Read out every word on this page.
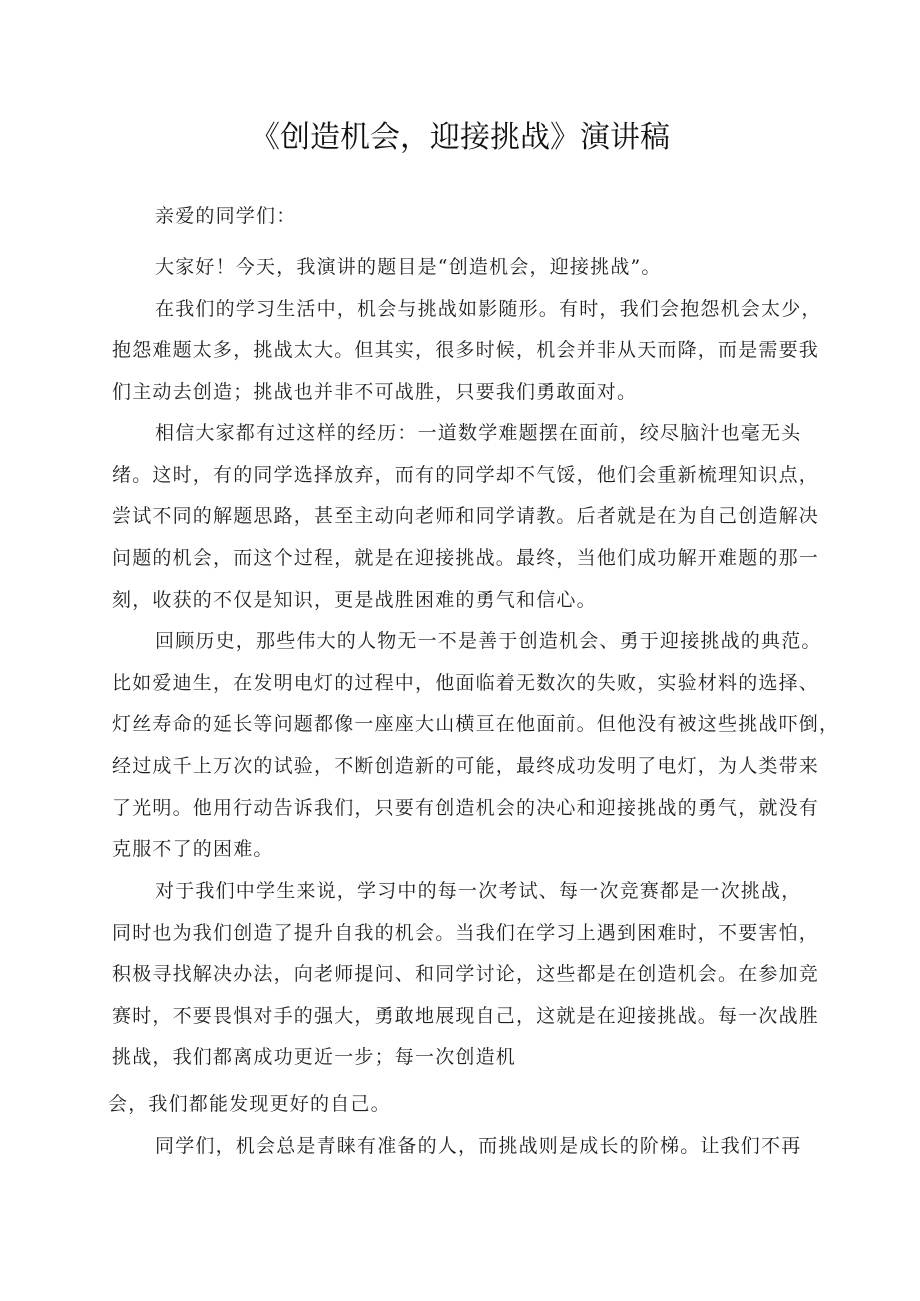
《创造机会，迎接挑战》演讲稿

亲爱的同学们：

大家好！今天，我演讲的题目是“创造机会，迎接挑战”。

在我们的学习生活中，机会与挑战如影随形。有时，我们会抱怨机会太少，

抱怨难题太多，挑战太大。但其实，很多时候，机会并非从天而降，而是需要我

们主动去创造；挑战也并非不可战胜，只要我们勇敢面对。

相信大家都有过这样的经历：一道数学难题摆在面前，绞尽脑汁也毫无头

绪。这时，有的同学选择放弃，而有的同学却不气馁，他们会重新梳理知识点，

尝试不同的解题思路，甚至主动向老师和同学请教。后者就是在为自己创造解决

问题的机会，而这个过程，就是在迎接挑战。最终，当他们成功解开难题的那一

刻，收获的不仅是知识，更是战胜困难的勇气和信心。

回顾历史，那些伟大的人物无一不是善于创造机会、勇于迎接挑战的典范。

比如爱迪生，在发明电灯的过程中，他面临着无数次的失败，实验材料的选择、

灯丝寿命的延长等问题都像一座座大山横亘在他面前。但他没有被这些挑战吓倒，

经过成千上万次的试验，不断创造新的可能，最终成功发明了电灯，为人类带来

了光明。他用行动告诉我们，只要有创造机会的决心和迎接挑战的勇气，就没有

克服不了的困难。

对于我们中学生来说，学习中的每一次考试、每一次竞赛都是一次挑战，

同时也为我们创造了提升自我的机会。当我们在学习上遇到困难时，不要害怕，

积极寻找解决办法，向老师提问、和同学讨论，这些都是在创造机会。在参加竞

赛时，不要畏惧对手的强大，勇敢地展现自己，这就是在迎接挑战。每一次战胜

挑战，我们都离成功更近一步；每一次创造机

会，我们都能发现更好的自己。

同学们，机会总是青睐有准备的人，而挑战则是成长的阶梯。让我们不再
